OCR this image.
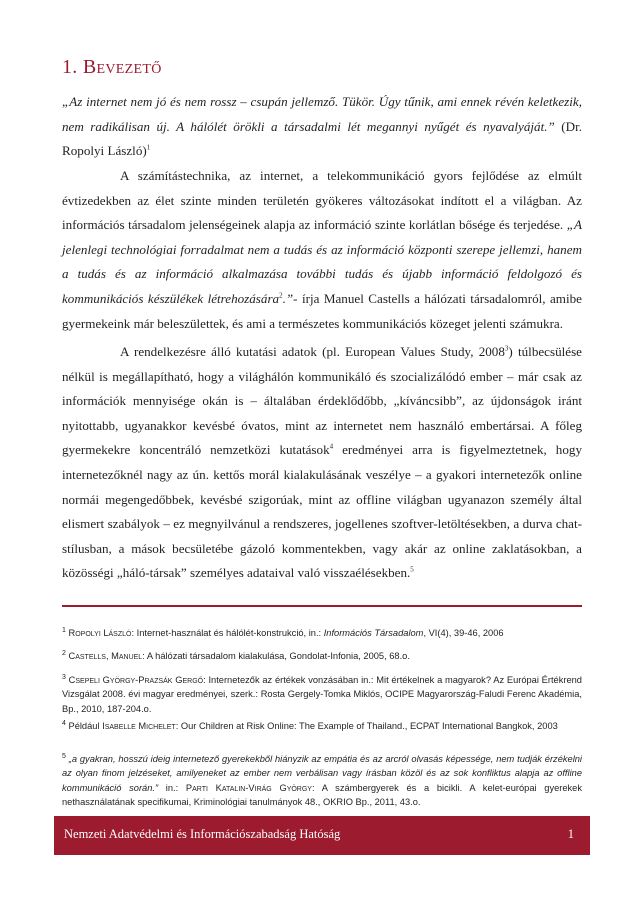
1. Bevezető
„Az internet nem jó és nem rossz – csupán jellemző. Tükör. Úgy tűnik, ami ennek révén keletkezik, nem radikálisan új. A hálólét örökli a társadalmi lét megannyi nyűgét és nyavalyáját.” (Dr. Ropolyi László)$^1$
A számítástechnika, az internet, a telekommunikáció gyors fejlődése az elmúlt évtizedekben az élet szinte minden területén gyökeres változásokat indított el a világban. Az információs társadalom jelenségeinek alapja az információ szinte korlátlan bősége és terjedése. „A jelenlegi technológiai forradalmat nem a tudás és az információ központi szerepe jellemzi, hanem a tudás és az információ alkalmazása további tudás és újabb információ feldolgozó és kommunikációs készülékek létrehozására$^2$.”- írja Manuel Castells a hálózati társadalomról, amibe gyermekeink már beleszülettek, és ami a természetes kommunikációs közeget jelenti számukra.
A rendelkezésre álló kutatási adatok (pl. European Values Study, 2008$^3$) túlbecsülése nélkül is megállapítható, hogy a világhálón kommunikáló és szocializálódó ember – már csak az információk mennyisége okán is – általában érdeklődőbb, „kíváncsibb”, az újdonságok iránt nyitottabb, ugyanakkor kevésbé óvatos, mint az internetet nem használó embertársai. A főleg gyermekekre koncentráló nemzetközi kutatások$^4$ eredményei arra is figyelmeztetnek, hogy internetezőknél nagy az ún. kettős morál kialakulásának veszélye – a gyakori internetezők online normái megengedőbbek, kevésbé szigorúak, mint az offline világban ugyanazon személy által elismert szabályok – ez megnyilvánul a rendszeres, jogellenes szoftver-letöltésekben, a durva chat-stílusban, a mások becsületébe gázoló kommentekben, vagy akár az online zaklatásokban, a közösségi „háló-társak” személyes adataival való visszaélésekben.$^5$
$^1$ Ropolyi László: Internet-használat és hálólét-konstrukció, in.: Információs Társadalom, VI(4), 39-46, 2006
$^2$ Castells, Manuel: A hálózati társadalom kialakulása, Gondolat-Infonia, 2005, 68.o.
$^3$ Csepeli György-Prazsák Gergő: Internetezők az értékek vonzásában in.: Mit értékelnek a magyarok? Az Európai Értékrend Vizsgálat 2008. évi magyar eredményei, szerk.: Rosta Gergely-Tomka Miklós, OCIPE Magyarország-Faludi Ferenc Akadémia, Bp., 2010, 187-204.o.
$^4$ Például Isabelle Michelet: Our Children at Risk Online: The Example of Thailand., ECPAT International Bangkok, 2003
$^5$ „a gyakran, hosszú ideig internetező gyerekekből hiányzik az empátia és az arcról olvasás képessége, nem tudják érzékelni az olyan finom jelzéseket, amilyeneket az ember nem verbálisan vagy írásban közöl és az sok konfliktus alapja az offline kommunikáció során.” in.: Parti Katalin-Virág György: A számbergyerek és a bicikli. A kelet-európai gyerekek nethasználatának specifikumai, Kriminológiai tanulmányok 48., OKRIO Bp., 2011, 43.o.
Nemzeti Adatvédelmi és Információszabadság Hatóság	1
